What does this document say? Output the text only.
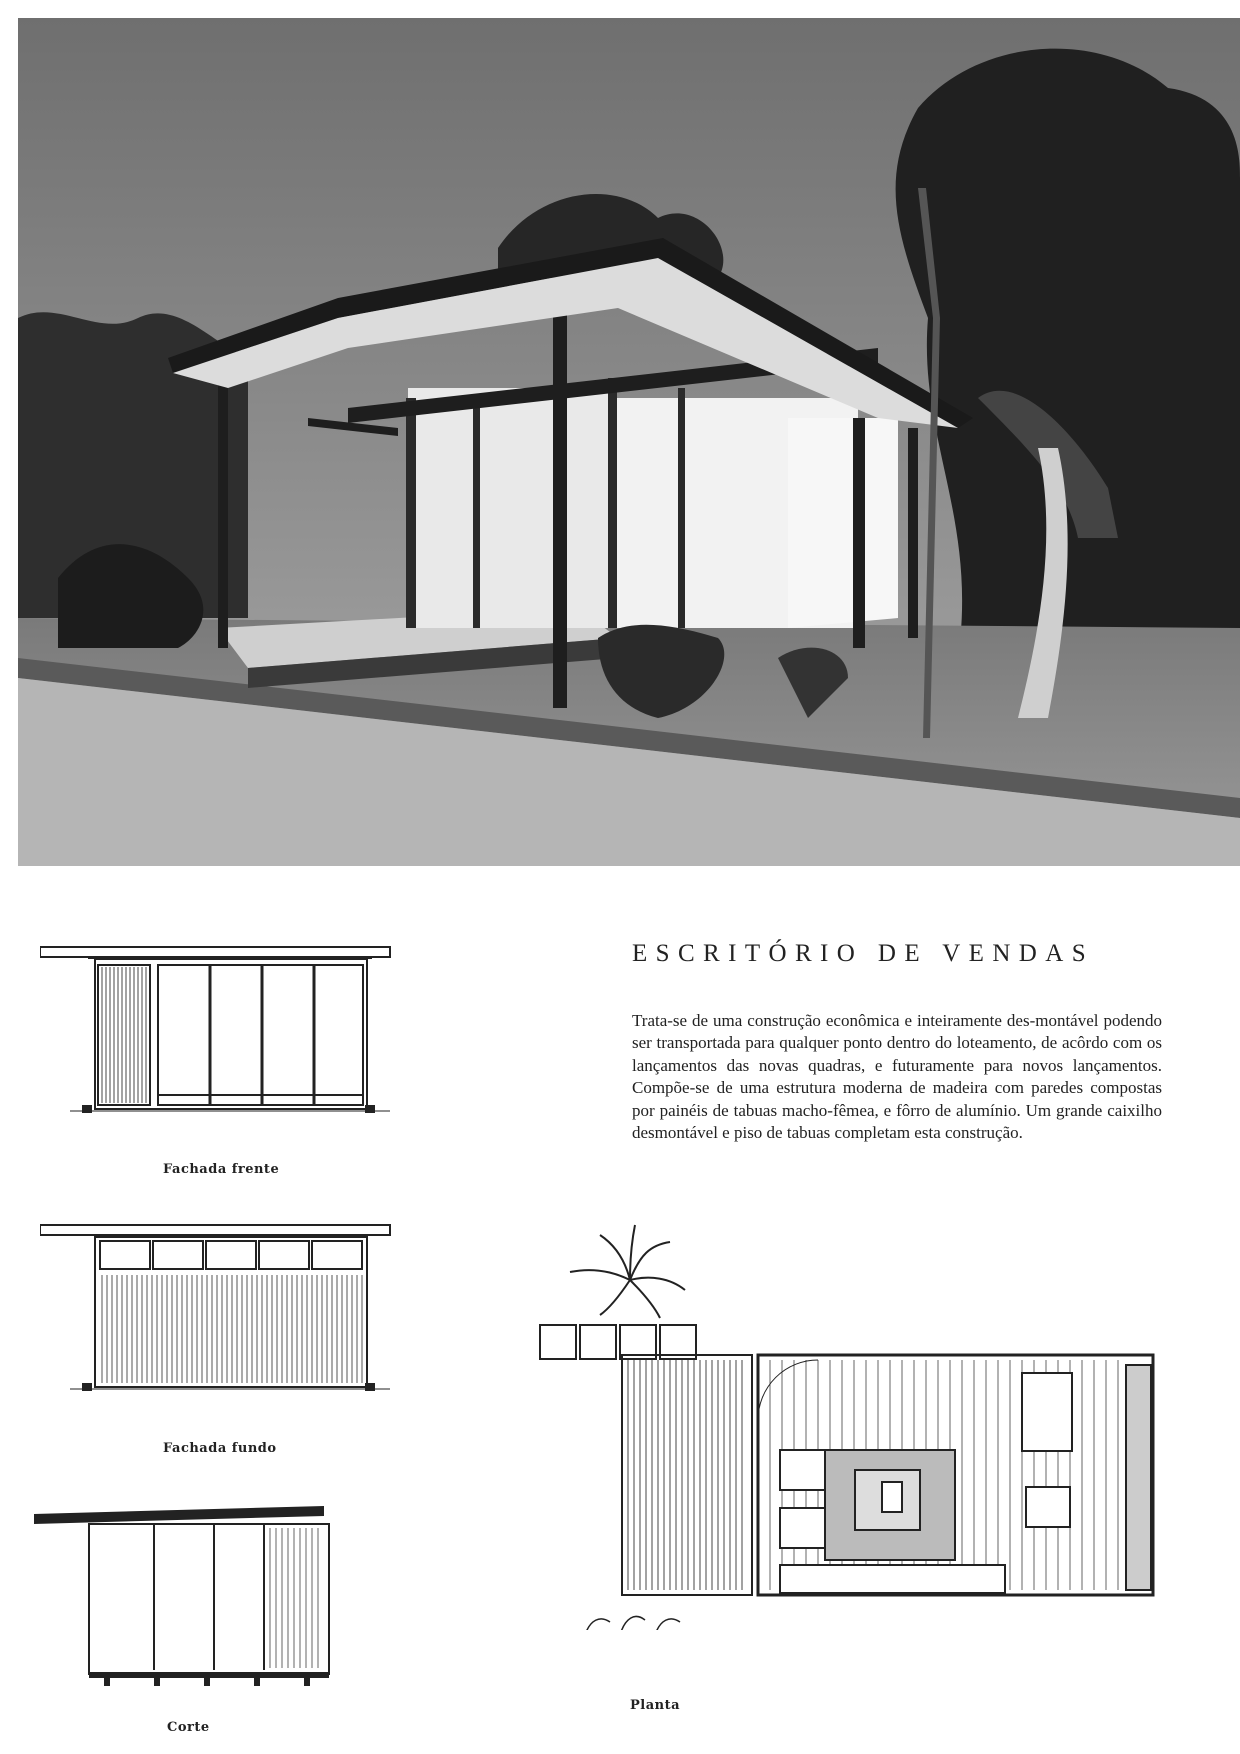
Fachada frente
Fachada fundo
Corte
ESCRITÓRIO DE VENDAS
Trata-se de uma construção econômica e inteiramente des-montável podendo ser transportada para qualquer ponto dentro do loteamento, de acôrdo com os lançamentos das novas quadras, e futuramente para novos lançamentos. Compõe-se de uma estrutura moderna de madeira com paredes compostas por painéis de tabuas macho-fêmea, e fôrro de alumínio. Um grande caixilho desmontável e piso de tabuas completam esta construção.
Planta
